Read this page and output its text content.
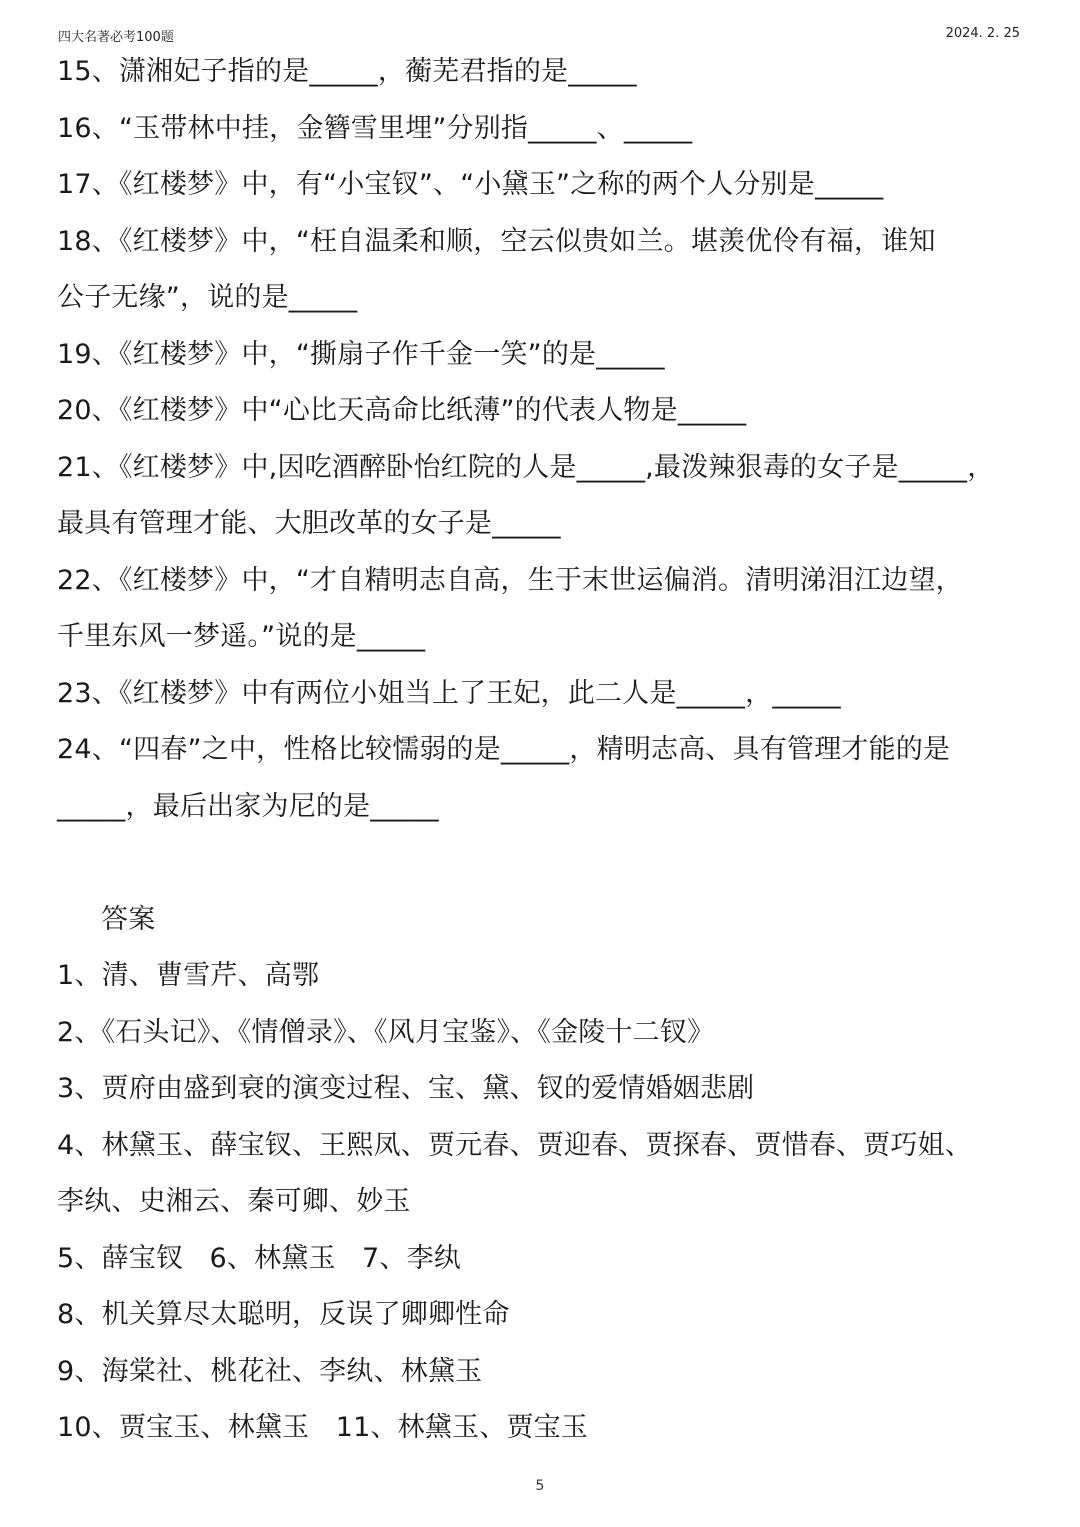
四大名著必考100题	2024. 2. 25
15、潇湘妃子指的是_____，蘅芜君指的是_____
16、“玉带林中挂，金簪雪里埋”分别指_____、_____
17、《红楼梦》中，有“小宝钗”、“小黛玉”之称的两个人分别是_____
18、《红楼梦》中，“枉自温柔和顺，空云似贵如兰。堪羡优伶有福，谁知
公子无缘”，说的是_____
19、《红楼梦》中，“撕扇子作千金一笑”的是_____
20、《红楼梦》中“心比天高命比纸薄”的代表人物是_____
21、《红楼梦》中,因吃酒醉卧怡红院的人是_____,最泼辣狠毒的女子是_____，
最具有管理才能、大胆改革的女子是_____
22、《红楼梦》中，“才自精明志自高，生于末世运偏消。清明涕泪江边望，
千里东风一梦遥。”说的是_____
23、《红楼梦》中有两位小姐当上了王妃，此二人是_____，_____
24、“四春”之中，性格比较懦弱的是_____，精明志高、具有管理才能的是
_____，最后出家为尼的是_____
答案
1、清、曹雪芹、高鄂
2、《石头记》、《情僧录》、《风月宝鉴》、《金陵十二钗》
3、贾府由盛到衰的演变过程、宝、黛、钗的爱情婚姻悲剧
4、林黛玉、薛宝钗、王熙凤、贾元春、贾迎春、贾探春、贾惜春、贾巧姐、
李纨、史湘云、秦可卿、妙玉
5、薛宝钗   6、林黛玉   7、李纨
8、机关算尽太聪明，反误了卿卿性命
9、海棠社、桃花社、李纨、林黛玉
10、贾宝玉、林黛玉   11、林黛玉、贾宝玉
5
